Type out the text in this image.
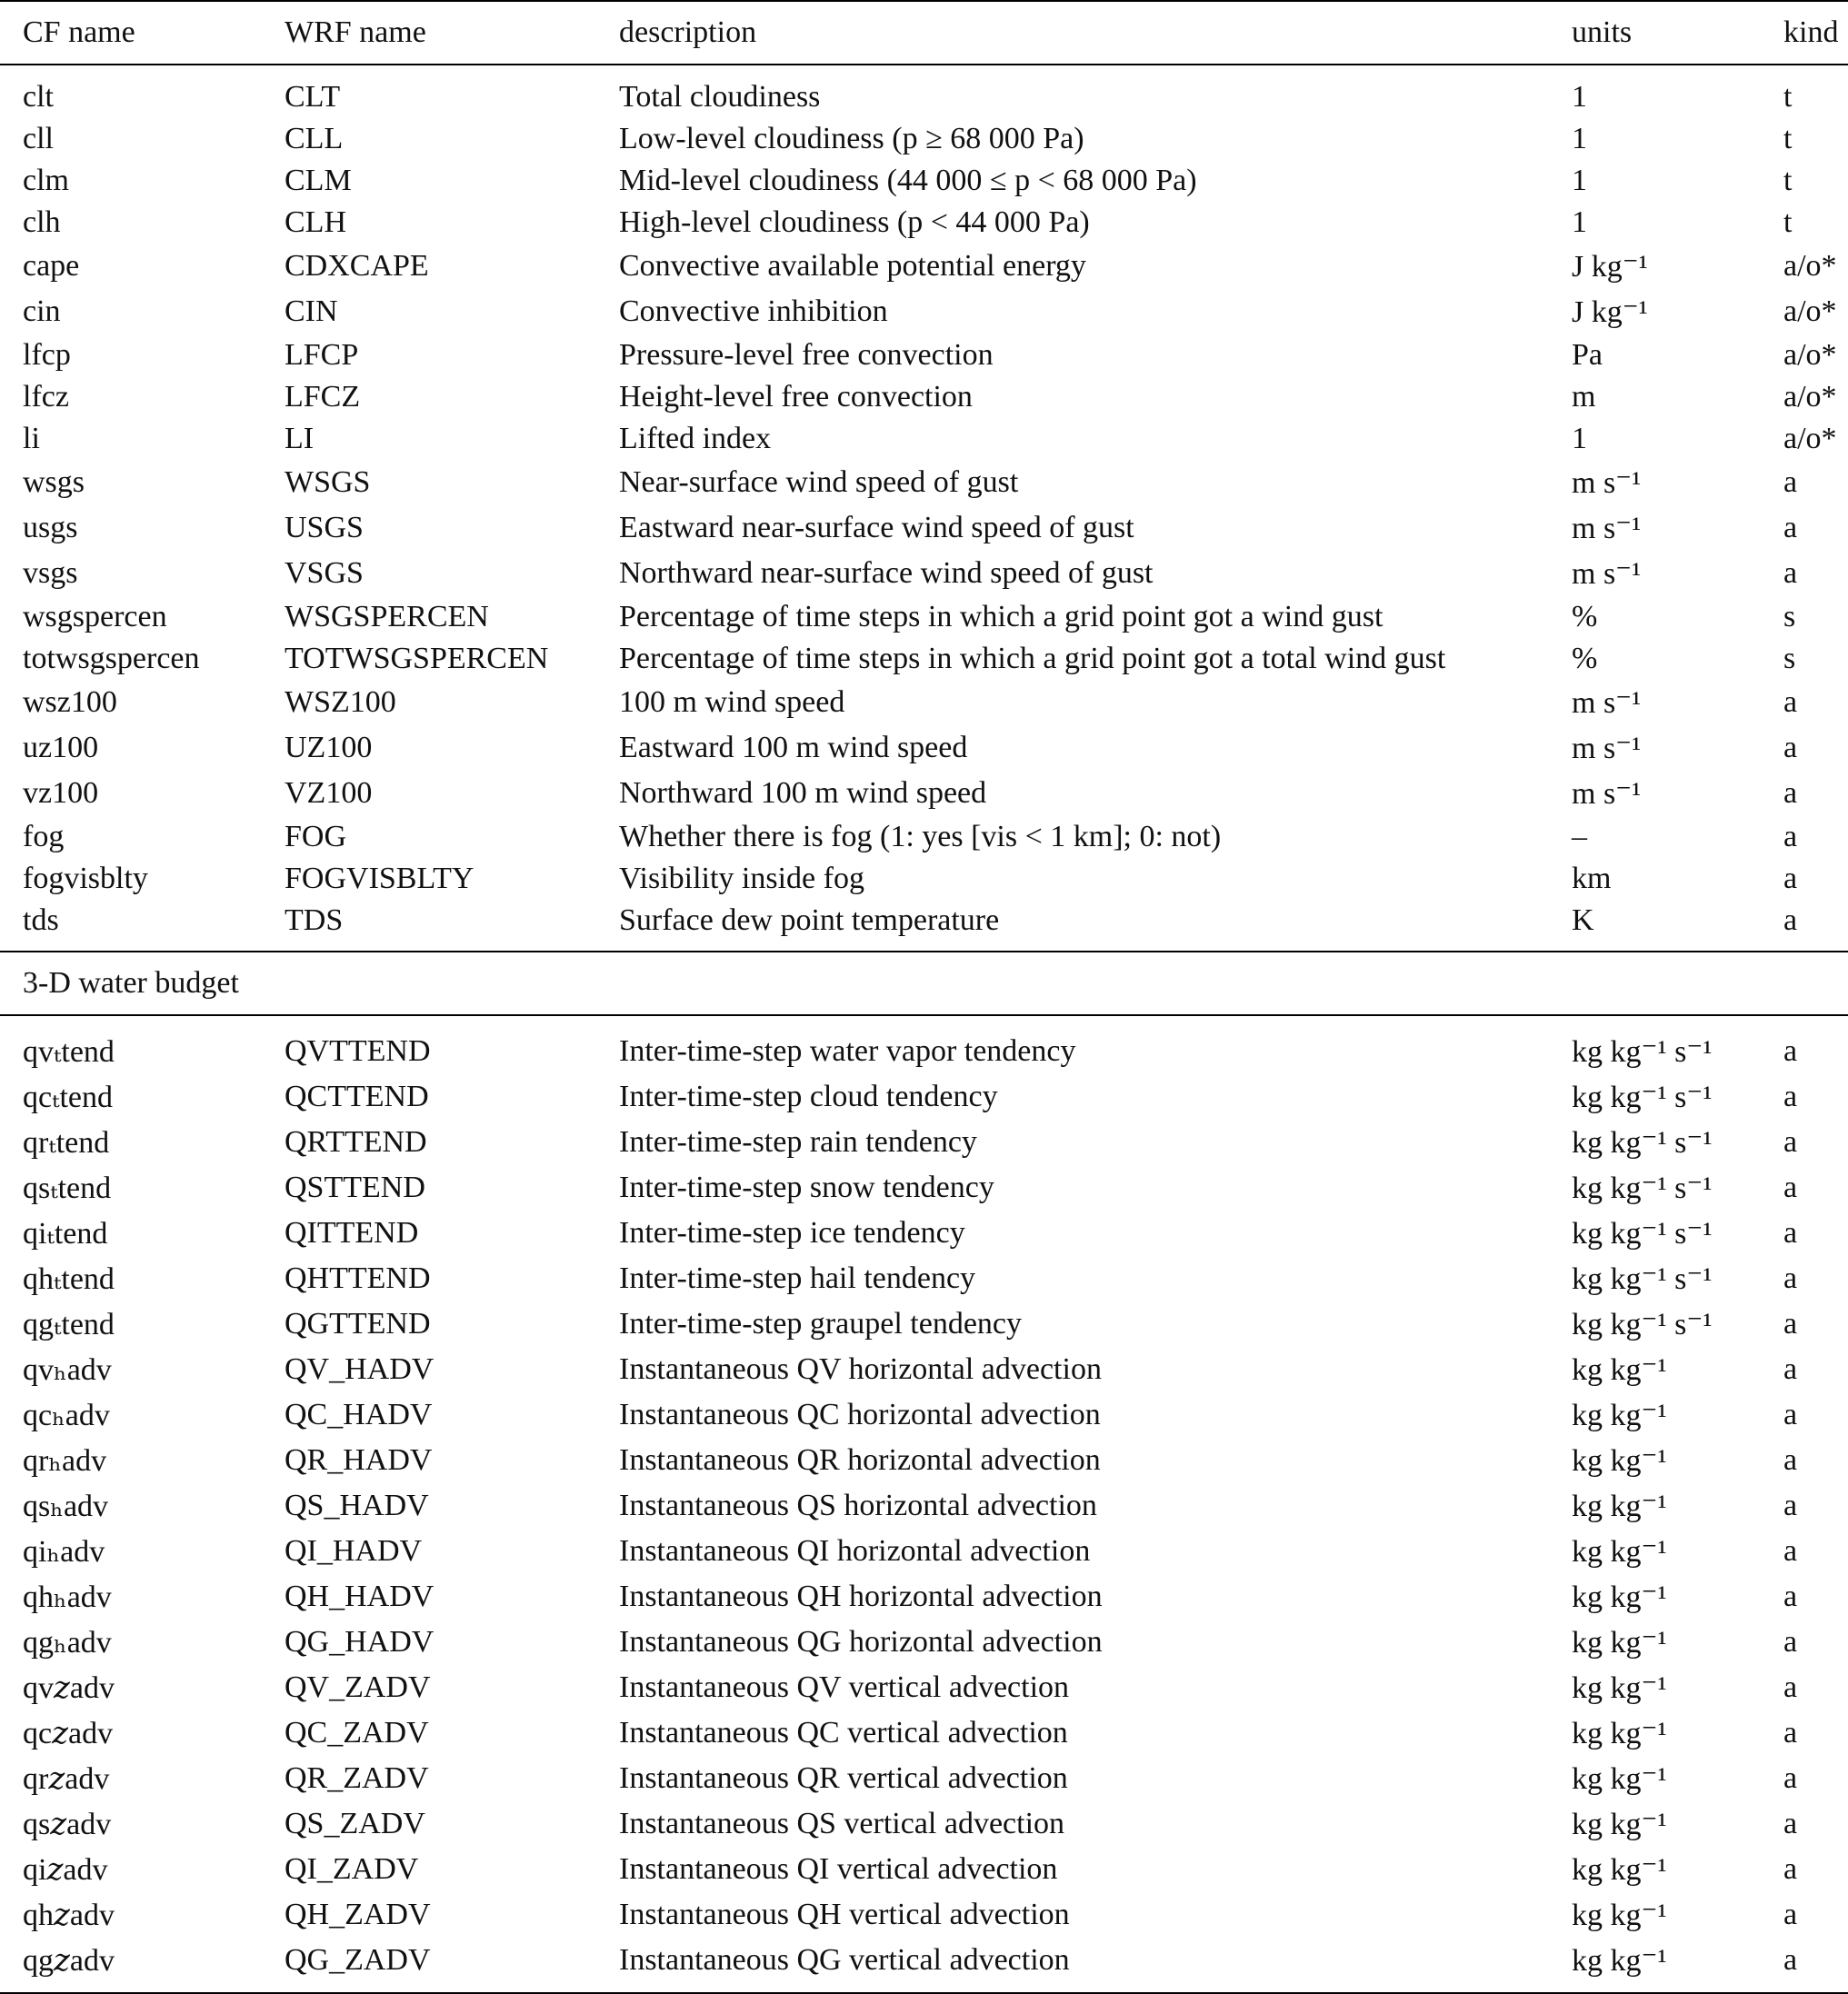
CF name	WRF name	description	units	kind
clt	CLT	Total cloudiness	1	t
cll	CLL	Low-level cloudiness (p ≥ 68 000 Pa)	1	t
clm	CLM	Mid-level cloudiness (44 000 ≤ p < 68 000 Pa)	1	t
clh	CLH	High-level cloudiness (p < 44 000 Pa)	1	t
cape	CDXCAPE	Convective available potential energy	J kg⁻¹	a/o*
cin	CIN	Convective inhibition	J kg⁻¹	a/o*
lfcp	LFCP	Pressure-level free convection	Pa	a/o*
lfcz	LFCZ	Height-level free convection	m	a/o*
li	LI	Lifted index	1	a/o*
wsgs	WSGS	Near-surface wind speed of gust	m s⁻¹	a
usgs	USGS	Eastward near-surface wind speed of gust	m s⁻¹	a
vsgs	VSGS	Northward near-surface wind speed of gust	m s⁻¹	a
wsgspercen	WSGSPERCEN	Percentage of time steps in which a grid point got a wind gust	%	s
totwsgspercen	TOTWSGSPERCEN	Percentage of time steps in which a grid point got a total wind gust	%	s
wsz100	WSZ100	100 m wind speed	m s⁻¹	a
uz100	UZ100	Eastward 100 m wind speed	m s⁻¹	a
vz100	VZ100	Northward 100 m wind speed	m s⁻¹	a
fog	FOG	Whether there is fog (1: yes [vis < 1 km]; 0: not)	–	a
fogvisblty	FOGVISBLTY	Visibility inside fog	km	a
tds	TDS	Surface dew point temperature	K	a
3-D water budget				
qvₜtend	QVTTEND	Inter-time-step water vapor tendency	kg kg⁻¹ s⁻¹	a
qcₜtend	QCTTEND	Inter-time-step cloud tendency	kg kg⁻¹ s⁻¹	a
qrₜtend	QRTTEND	Inter-time-step rain tendency	kg kg⁻¹ s⁻¹	a
qsₜtend	QSTTEND	Inter-time-step snow tendency	kg kg⁻¹ s⁻¹	a
qiₜtend	QITTEND	Inter-time-step ice tendency	kg kg⁻¹ s⁻¹	a
qhₜtend	QHTTEND	Inter-time-step hail tendency	kg kg⁻¹ s⁻¹	a
qgₜtend	QGTTEND	Inter-time-step graupel tendency	kg kg⁻¹ s⁻¹	a
qvₕadv	QV_HADV	Instantaneous QV horizontal advection	kg kg⁻¹	a
qcₕadv	QC_HADV	Instantaneous QC horizontal advection	kg kg⁻¹	a
qrₕadv	QR_HADV	Instantaneous QR horizontal advection	kg kg⁻¹	a
qsₕadv	QS_HADV	Instantaneous QS horizontal advection	kg kg⁻¹	a
qiₕadv	QI_HADV	Instantaneous QI horizontal advection	kg kg⁻¹	a
qhₕadv	QH_HADV	Instantaneous QH horizontal advection	kg kg⁻¹	a
qgₕadv	QG_HADV	Instantaneous QG horizontal advection	kg kg⁻¹	a
qv𝑧adv	QV_ZADV	Instantaneous QV vertical advection	kg kg⁻¹	a
qc𝑧adv	QC_ZADV	Instantaneous QC vertical advection	kg kg⁻¹	a
qr𝑧adv	QR_ZADV	Instantaneous QR vertical advection	kg kg⁻¹	a
qs𝑧adv	QS_ZADV	Instantaneous QS vertical advection	kg kg⁻¹	a
qi𝑧adv	QI_ZADV	Instantaneous QI vertical advection	kg kg⁻¹	a
qh𝑧adv	QH_ZADV	Instantaneous QH vertical advection	kg kg⁻¹	a
qg𝑧adv	QG_ZADV	Instantaneous QG vertical advection	kg kg⁻¹	a
